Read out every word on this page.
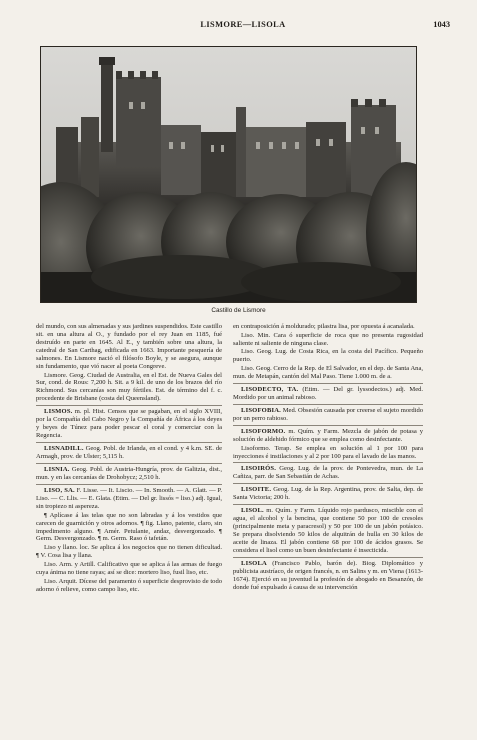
LISMORE—LISOLA	1043
Castillo de Lismore

del mundo, con sus almenadas y sus jardines suspendidos. Este castillo sit. en una altura al O., y fundado por el rey Juan en 1185, fué destruído en parte en 1645. Al E., y también sobre una altura, la catedral de San Carthag, edificada en 1663. Importante pesquería de salmones. En Lismore nació el filósofo Boyle, y se asegura, aunque sin fundamento, que vió nacer al poeta Congreve.

Lismore. Geog. Ciudad de Australia, en el Est. de Nueva Gales del Sur, cond. de Rous: 7,200 h. Sit. a 9 kil. de uno de los brazos del río Richmond. Sus cercanías son muy fértiles. Est. de término del f. c. procedente de Brisbane (costa del Queensland).

LISMOS. m. pl. Hist. Censos que se pagaban, en el siglo XVIII, por la Compañía del Cabo Negro y la Compañía de África á los deyes y beyes de Túnez para poder pescar el coral y comerciar con la Regencia.

LISNADILL. Geog. Pobl. de Irlanda, en el cond. y 4 k.m. SE. de Armagh, prov. de Ulster; 5,115 h.

LISNIA. Geog. Pobl. de Austria-Hungría, prov. de Galitzia, dist., mun. y en las cercanías de Drohobycz; 2,510 h.

LISO, SA. F. Lisse. — It. Liscio. — In. Smooth. — A. Glatt. — P. Liso. — C. Llis. — E. Glata. (Etim. — Del gr. lissós = liso.) adj. Igual, sin tropiezo ni aspereza.

¶ Aplícase á las telas que no son labradas y á los vestidos que carecen de guarnición y otros adornos. ¶ fig. Llano, patente, claro, sin impedimento alguno. ¶ Amér. Petulante, andaz, desvergonzado. ¶ Germ. Desvergonzado. ¶ m. Germ. Raso ó tafetán.

Liso y llano. loc. Se aplica á los negocios que no tienen dificultad. ¶ V. Cosa lisa y llana.

Liso. Arm. y Artill. Calificativo que se aplica á las armas de fuego cuya ánima no tiene rayas; así se dice: mortero liso, fusil liso, etc.

Liso. Arquit. Dícese del paramento ó superficie desprovisto de todo adorno ó relieve, como campo liso, etc.

en contraposición á moldurado; pilastra lisa, por opuesta á acanalada.

Liso. Min. Cara ó superficie de roca que no presenta rugosidad saliente ni saliente de ninguna clase.

Liso. Geog. Lug. de Costa Rica, en la costa del Pacífico. Pequeño puerto.

Liso. Geog. Cerro de la Rep. de El Salvador, en el dep. de Santa Ana, mun. de Metapán, cantón del Mal Paso. Tiene 1.000 m. de a.

LISODECTO, TA. (Etim. — Del gr. lyssodectos.) adj. Med. Mordido por un animal rabioso.

LISOFOBIA. Med. Obsesión causada por creerse el sujeto mordido por un perro rabioso.

LISOFORMO. m. Quím. y Farm. Mezcla de jabón de potasa y solución de aldehido fórmico que se emplea como desinfectante.

Lisoformo. Terap. Se emplea en solución al 1 por 100 para inyecciones é instilaciones y al 2 por 100 para el lavado de las manos.

LISOIRÓS. Geog. Lug. de la prov. de Pontevedra, mun. de La Cañiza, parr. de San Sebastián de Achas.

LISOITE. Geog. Lug. de la Rep. Argentina, prov. de Salta, dep. de Santa Victoria; 200 h.

LISOL. m. Quím. y Farm. Líquido rojo pardusco, miscible con el agua, el alcohol y la bencina, que contiene 50 por 100 de cresoles (principalmente meta y paracresol) y 50 por 100 de un jabón potásico. Se prepara disolviendo 50 kilos de alquitrán de hulla en 30 kilos de aceite de linaza. El jabón contiene 68 por 100 de ácidos grasos. Se considera el lisol como un buen desinfectante é insecticida.

LISOLA (Francisco Pablo, barón de). Biog. Diplomático y publicista austríaco, de origen francés, n. en Salins y m. en Viena (1613-1674). Ejerció en su juventud la profesión de abogado en Besanzón, de donde fué expulsado á causa de su intervención
